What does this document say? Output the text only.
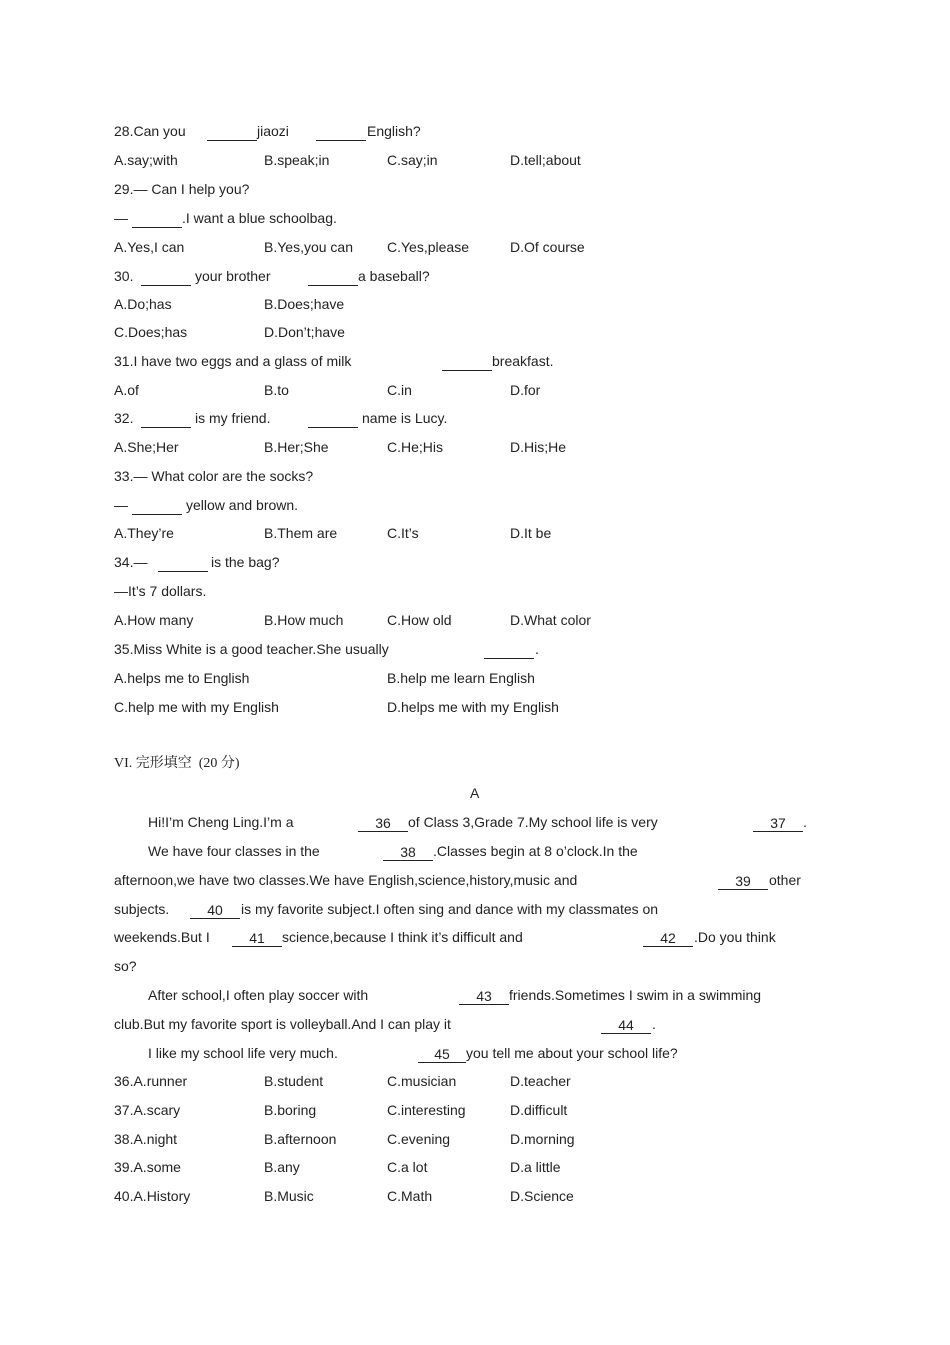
28.Can you	jiaozi	English?
A.say;with	B.speak;in	C.say;in	D.tell;about
29.— Can I help you?
—	.I want a blue schoolbag.
A.Yes,I can	B.Yes,you can C.Yes,please	D.Of course
30.	your brother	a baseball?
A.Do;has	B.Does;have
C.Does;has	D.Don’t;have
31.I have two eggs and a glass of milk	breakfast.
A.of	B.to	C.in	D.for
32.	is my friend.	name is Lucy.
A.She;Her	B.Her;She	C.He;His	D.His;He
33.— What color are the socks?
—	yellow and brown.
A.They’re	B.Them are	C.It’s	D.It be
34.—	is the bag?
—It’s 7 dollars.
A.How many	B.How much	C.How old	D.What color
35.Miss White is a good teacher.She usually	.
A.helps me to English	B.help me learn English
C.help me with my English	D.helps me with my English
VI. 完形填空  (20 分)
A
Hi!I’m Cheng Ling.I’m a	36	of Class 3,Grade 7.My school life is very	37	.
We have four classes in the	38	.Classes begin at 8 o’clock.In the
afternoon,we have two classes.We have English,science,history,music and	39	other
subjects.	40	is my favorite subject.I often sing and dance with my classmates on
weekends.But I	41	science,because I think it’s difficult and	42	.Do you think
so?
After school,I often play soccer with	43	friends.Sometimes I swim in a swimming
club.But my favorite sport is volleyball.And I can play it	44	.
I like my school life very much.	45	you tell me about your school life?
36.A.runner	B.student	C.musician	D.teacher
37.A.scary	B.boring	C.interesting	D.difficult
38.A.night	B.afternoon	C.evening	D.morning
39.A.some	B.any	C.a lot	D.a little
40.A.History	B.Music	C.Math	D.Science
